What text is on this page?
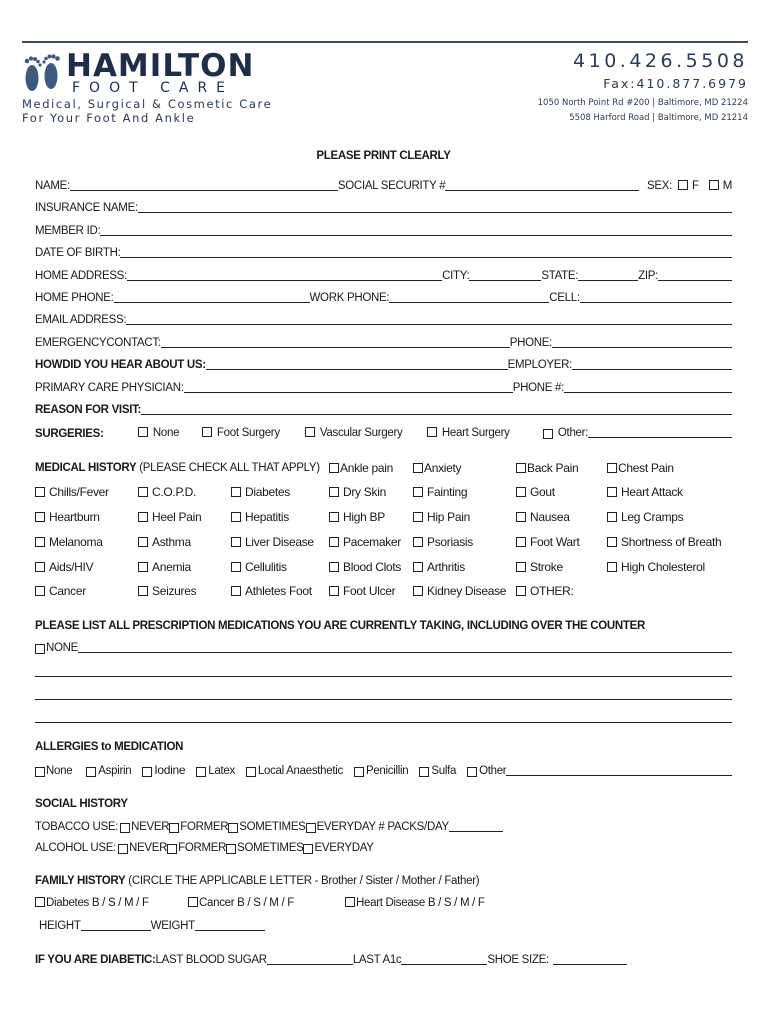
HAMILTON
FOOT CARE
Medical, Surgical & Cosmetic Care
For Your Foot And Ankle
410.426.5508
Fax:410.877.6979
1050 North Point Rd #200 | Baltimore, MD 21224
5508 Harford Road | Baltimore, MD 21214
PLEASE PRINT CLEARLY
NAME:	SOCIAL SECURITY #	SEX: F M
INSURANCE NAME:
MEMBER ID:
DATE OF BIRTH:
HOME ADDRESS:	CITY:	STATE:	ZIP:
HOME PHONE:	WORK PHONE:	CELL:
EMAIL ADDRESS:
EMERGENCYCONTACT:	PHONE:
HOWDID YOU HEAR ABOUT US:	EMPLOYER:
PRIMARY CARE PHYSICIAN:	PHONE #:
REASON FOR VISIT:
SURGERIES:	None	Foot Surgery	Vascular Surgery	Heart Surgery
	Other:
MEDICAL HISTORY (PLEASE CHECK ALL THAT APPLY)	Ankle pain	Anxiety	Back Pain	Chest Pain
Chills/Fever	C.O.P.D.	Diabetes	Dry Skin	Fainting	Gout	Heart Attack
Heartburn	Heel Pain	Hepatitis	High BP	Hip Pain	Nausea	Leg Cramps
Melanoma	Asthma	Liver Disease	Pacemaker	Psoriasis	Foot Wart	Shortness of Breath
Aids/HIV	Anemia	Cellulitis	Blood Clots	Arthritis	Stroke	High Cholesterol
Cancer	Seizures	Athletes Foot	Foot Ulcer	Kidney Disease	OTHER:
PLEASE LIST ALL PRESCRIPTION MEDICATIONS YOU ARE CURRENTLY TAKING, INCLUDING OVER THE COUNTER
NONE
ALLERGIES to MEDICATION
None Aspirin Iodine Latex Local Anaesthetic Penicillin Sulfa Other
SOCIAL HISTORY
TOBACCO USE: NEVER FORMER SOMETIMES EVERYDAY # PACKS/DAY
ALCOHOL USE: NEVER FORMER SOMETIMES EVERYDAY
FAMILY HISTORY (CIRCLE THE APPLICABLE LETTER - Brother / Sister / Mother / Father)
Diabetes B / S / M / F	Cancer B / S / M / F	Heart Disease B / S / M / F
HEIGHT	WEIGHT
IF YOU ARE DIABETIC: LAST BLOOD SUGAR	LAST A1c	SHOE SIZE:
